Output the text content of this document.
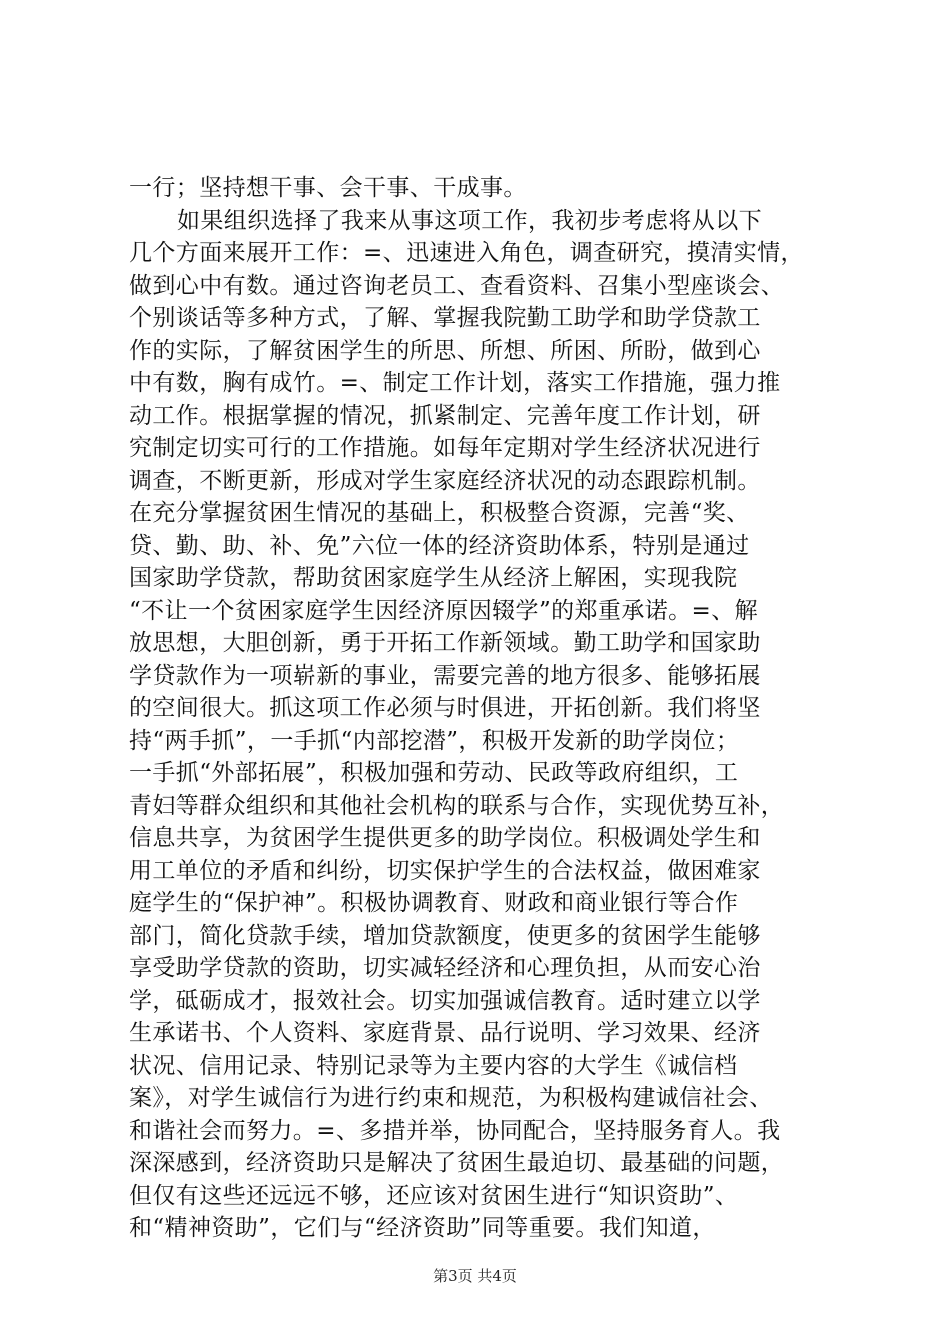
一行；坚持想干事、会干事、干成事。
如果组织选择了我来从事这项工作，我初步考虑将从以下
几个方面来展开工作：=、迅速进入角色，调查研究，摸清实情，
做到心中有数。通过咨询老员工、查看资料、召集小型座谈会、
个别谈话等多种方式，了解、掌握我院勤工助学和助学贷款工
作的实际，了解贫困学生的所思、所想、所困、所盼，做到心
中有数，胸有成竹。=、制定工作计划，落实工作措施，强力推
动工作。根据掌握的情况，抓紧制定、完善年度工作计划，研
究制定切实可行的工作措施。如每年定期对学生经济状况进行
调查，不断更新，形成对学生家庭经济状况的动态跟踪机制。
在充分掌握贫困生情况的基础上，积极整合资源，完善“奖、
贷、勤、助、补、免”六位一体的经济资助体系，特别是通过
国家助学贷款，帮助贫困家庭学生从经济上解困，实现我院
“不让一个贫困家庭学生因经济原因辍学”的郑重承诺。=、解
放思想，大胆创新，勇于开拓工作新领域。勤工助学和国家助
学贷款作为一项崭新的事业，需要完善的地方很多、能够拓展
的空间很大。抓这项工作必须与时俱进，开拓创新。我们将坚
持“两手抓”，一手抓“内部挖潜”，积极开发新的助学岗位；
一手抓“外部拓展”，积极加强和劳动、民政等政府组织，工
青妇等群众组织和其他社会机构的联系与合作，实现优势互补，
信息共享，为贫困学生提供更多的助学岗位。积极调处学生和
用工单位的矛盾和纠纷，切实保护学生的合法权益，做困难家
庭学生的“保护神”。积极协调教育、财政和商业银行等合作
部门，简化贷款手续，增加贷款额度，使更多的贫困学生能够
享受助学贷款的资助，切实减轻经济和心理负担，从而安心治
学，砥砺成才，报效社会。切实加强诚信教育。适时建立以学
生承诺书、个人资料、家庭背景、品行说明、学习效果、经济
状况、信用记录、特别记录等为主要内容的大学生《诚信档
案》，对学生诚信行为进行约束和规范，为积极构建诚信社会、
和谐社会而努力。=、多措并举，协同配合，坚持服务育人。我
深深感到，经济资助只是解决了贫困生最迫切、最基础的问题，
但仅有这些还远远不够，还应该对贫困生进行“知识资助”、
和“精神资助”，它们与“经济资助”同等重要。我们知道，
第3页 共4页
